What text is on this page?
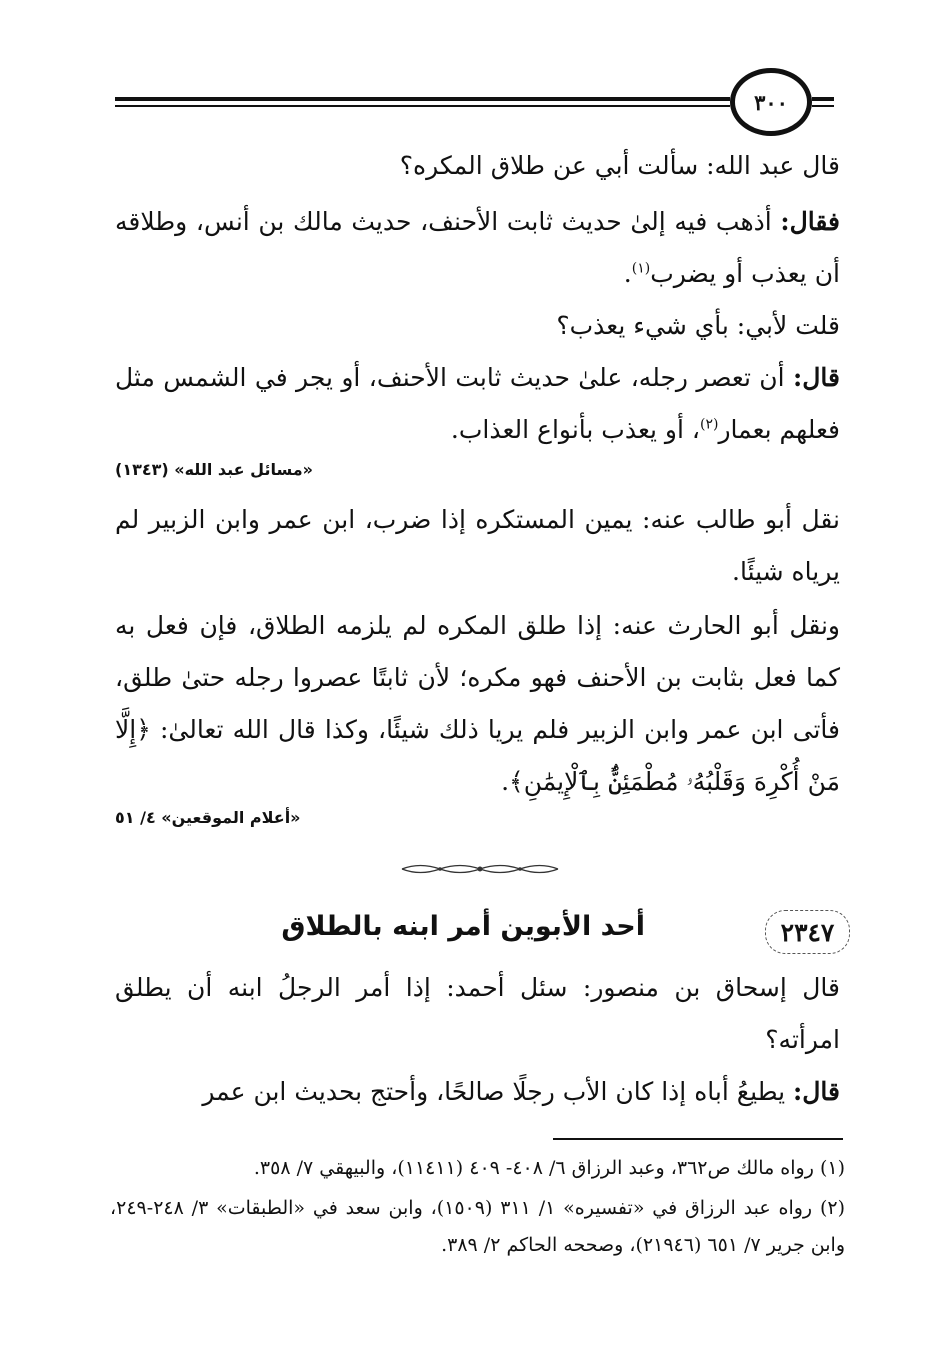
٣٠٠
قال عبد الله: سألت أبي عن طلاق المكره؟
فقال: أذهب فيه إلىٰ حديث ثابت الأحنف، حديث مالك بن أنس، وطلاقه أن يعذب أو يضرب$^{(١)}$.
قلت لأبي: بأي شيء يعذب؟
قال: أن تعصر رجله، علىٰ حديث ثابت الأحنف، أو يجر في الشمس مثل فعلهم بعمار$^{(٢)}$، أو يعذب بأنواع العذاب.
«مسائل عبد الله» (١٣٤٣)
نقل أبو طالب عنه: يمين المستكره إذا ضرب، ابن عمر وابن الزبير لم يرياه شيئًا.
ونقل أبو الحارث عنه: إذا طلق المكره لم يلزمه الطلاق، فإن فعل به كما فعل بثابت بن الأحنف فهو مكره؛ لأن ثابتًا عصروا رجله حتىٰ طلق، فأتى ابن عمر وابن الزبير فلم يريا ذلك شيئًا، وكذا قال الله تعالىٰ: ﴿إِلَّا مَنْ أُكْرِهَ وَقَلْبُهُۥ مُطْمَئِنٌّۢ بِٱلْإِيمَٰنِ﴾.
«أعلام الموقعين» ٤/ ٥١
٢٣٤٧
أحد الأبوين أمر ابنه بالطلاق
قال إسحاق بن منصور: سئل أحمد: إذا أمر الرجلُ ابنه أن يطلق امرأته؟
قال: يطيعُ أباه إذا كان الأب رجلًا صالحًا، وأحتج بحديث ابن عمر
(١) رواه مالك ص٣٦٢، وعبد الرزاق ٦/ ٤٠٨- ٤٠٩ (١١٤١١)، والبيهقي ٧/ ٣٥٨.
(٢) رواه عبد الرزاق في «تفسيره» ١/ ٣١١ (١٥٠٩)، وابن سعد في «الطبقات» ٣/ ٢٤٨-٢٤٩، وابن جرير ٧/ ٦٥١ (٢١٩٤٦)، وصححه الحاكم ٢/ ٣٨٩.
